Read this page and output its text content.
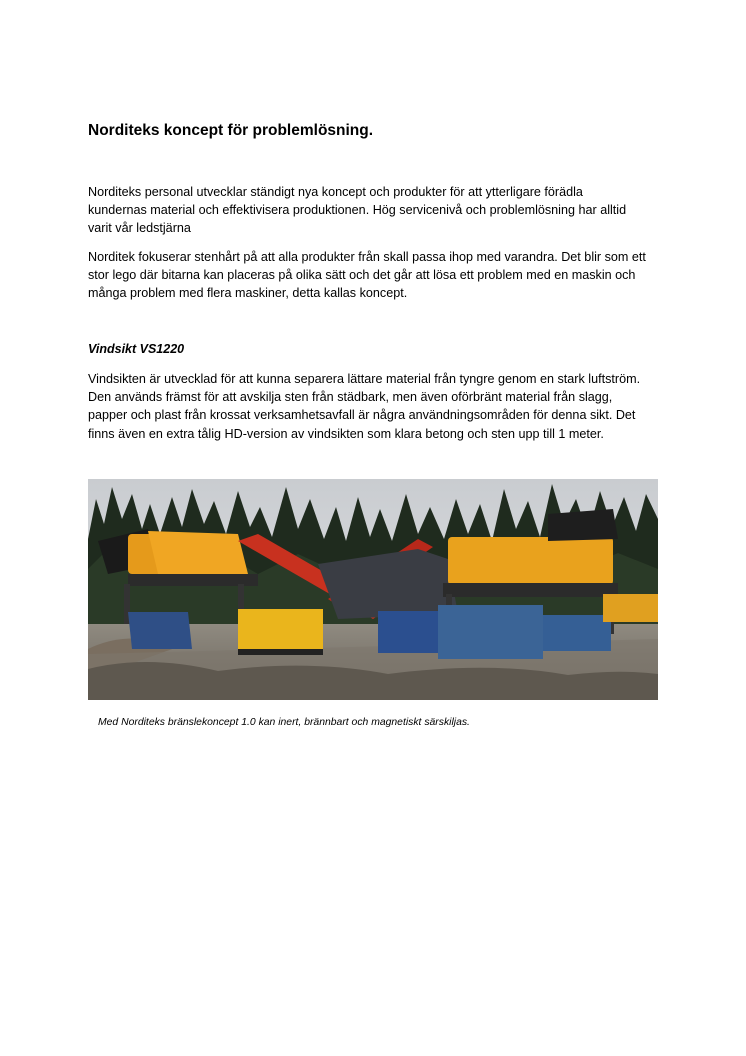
Norditeks koncept för problemlösning.
Norditeks personal utvecklar ständigt nya koncept och produkter för att ytterligare förädla
kundernas material och effektivisera produktionen. Hög servicenivå och problemlösning har alltid
varit vår ledstjärna
Norditek fokuserar stenhårt på att alla produkter från skall passa ihop med varandra. Det blir som ett
stor lego där bitarna kan placeras på olika sätt och det går att lösa ett problem med en maskin och
många problem med flera maskiner, detta kallas koncept.
Vindsikt VS1220
Vindsikten är utvecklad för att kunna separera lättare material från tyngre genom en stark luftström.
Den används främst för att avskilja sten från städbark, men även oförbränt material från slagg,
papper och plast från krossat verksamhetsavfall är några användningsområden för denna sikt. Det
finns även en extra tålig HD-version av vindsikten som klara betong och sten upp till 1 meter.
Med Norditeks bränslekoncept 1.0 kan inert, brännbart och magnetiskt särskiljas.
